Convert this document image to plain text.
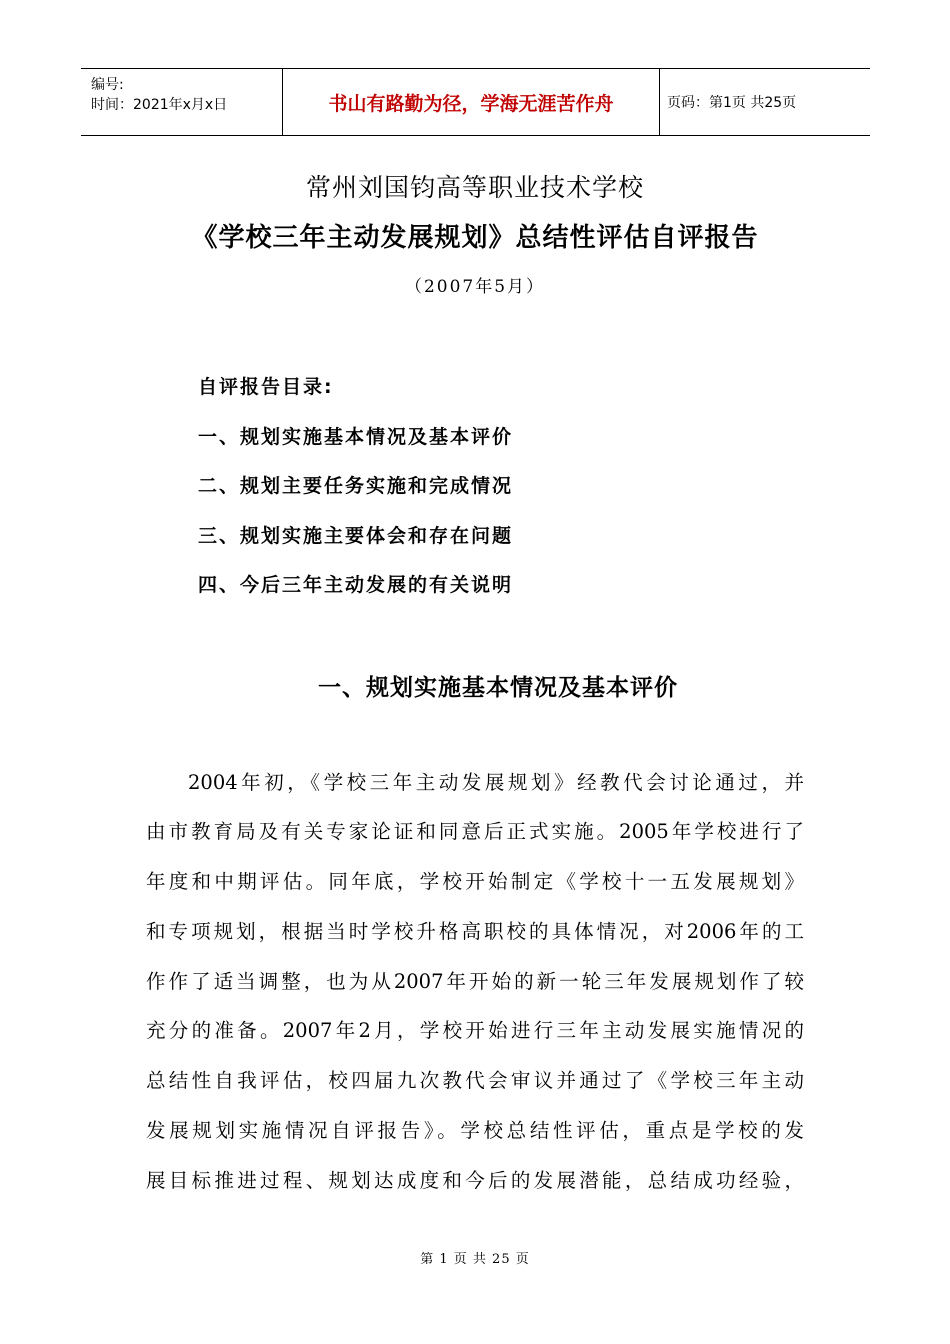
编号:
时间：2021年x月x日	书山有路勤为径，学海无涯苦作舟	页码：第1页 共25页
常州刘国钧高等职业技术学校
《学校三年主动发展规划》总结性评估自评报告
（2007年5月）
自评报告目录:
一、规划实施基本情况及基本评价
二、规划主要任务实施和完成情况
三、规划实施主要体会和存在问题
四、今后三年主动发展的有关说明
一、规划实施基本情况及基本评价
2004年初，《学校三年主动发展规划》经教代会讨论通过，并
由市教育局及有关专家论证和同意后正式实施。2005年学校进行了
年度和中期评估。同年底，学校开始制定《学校十一五发展规划》
和专项规划，根据当时学校升格高职校的具体情况，对2006年的工
作作了适当调整，也为从2007年开始的新一轮三年发展规划作了较
充分的准备。2007年2月，学校开始进行三年主动发展实施情况的
总结性自我评估，校四届九次教代会审议并通过了《学校三年主动
发展规划实施情况自评报告》。学校总结性评估，重点是学校的发
展目标推进过程、规划达成度和今后的发展潜能，总结成功经验，
第 1 页 共 25 页
